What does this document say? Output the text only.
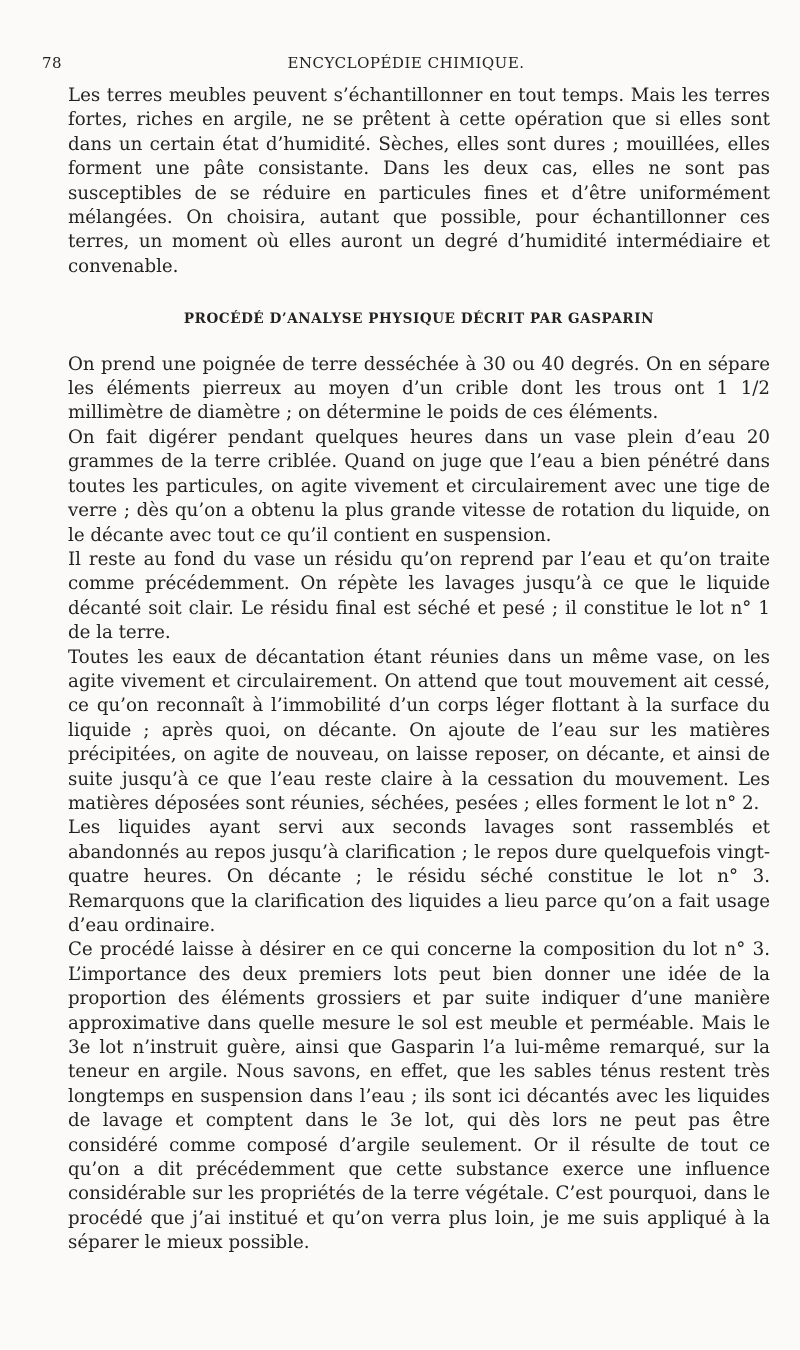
78	ENCYCLOPÉDIE CHIMIQUE.

Les terres meubles peuvent s’échantillonner en tout temps. Mais les terres fortes, riches en argile, ne se prêtent à cette opération que si elles sont dans un certain état d’humidité. Sèches, elles sont dures ; mouillées, elles forment une pâte consistante. Dans les deux cas, elles ne sont pas susceptibles de se réduire en particules fines et d’être uniformément mélangées. On choisira, autant que possible, pour échantillonner ces terres, un moment où elles auront un degré d’humidité intermédiaire et convenable.

PROCÉDÉ D’ANALYSE PHYSIQUE DÉCRIT PAR GASPARIN

On prend une poignée de terre desséchée à 30 ou 40 degrés. On en sépare les éléments pierreux au moyen d’un crible dont les trous ont 1 1/2 millimètre de diamètre ; on détermine le poids de ces éléments.

On fait digérer pendant quelques heures dans un vase plein d’eau 20 grammes de la terre criblée. Quand on juge que l’eau a bien pénétré dans toutes les particules, on agite vivement et circulairement avec une tige de verre ; dès qu’on a obtenu la plus grande vitesse de rotation du liquide, on le décante avec tout ce qu’il contient en suspension.

Il reste au fond du vase un résidu qu’on reprend par l’eau et qu’on traite comme précédemment. On répète les lavages jusqu’à ce que le liquide décanté soit clair. Le résidu final est séché et pesé ; il constitue le lot n° 1 de la terre.

Toutes les eaux de décantation étant réunies dans un même vase, on les agite vivement et circulairement. On attend que tout mouvement ait cessé, ce qu’on reconnaît à l’immobilité d’un corps léger flottant à la surface du liquide ; après quoi, on décante. On ajoute de l’eau sur les matières précipitées, on agite de nouveau, on laisse reposer, on décante, et ainsi de suite jusqu’à ce que l’eau reste claire à la cessation du mouvement. Les matières déposées sont réunies, séchées, pesées ; elles forment le lot n° 2.

Les liquides ayant servi aux seconds lavages sont rassemblés et abandonnés au repos jusqu’à clarification ; le repos dure quelquefois vingt-quatre heures. On décante ; le résidu séché constitue le lot n° 3. Remarquons que la clarification des liquides a lieu parce qu’on a fait usage d’eau ordinaire.

Ce procédé laisse à désirer en ce qui concerne la composition du lot n° 3. L’importance des deux premiers lots peut bien donner une idée de la proportion des éléments grossiers et par suite indiquer d’une manière approximative dans quelle mesure le sol est meuble et perméable. Mais le 3e lot n’instruit guère, ainsi que Gasparin l’a lui-même remarqué, sur la teneur en argile. Nous savons, en effet, que les sables ténus restent très longtemps en suspension dans l’eau ; ils sont ici décantés avec les liquides de lavage et comptent dans le 3e lot, qui dès lors ne peut pas être considéré comme composé d’argile seulement. Or il résulte de tout ce qu’on a dit précédemment que cette substance exerce une influence considérable sur les propriétés de la terre végétale. C’est pourquoi, dans le procédé que j’ai institué et qu’on verra plus loin, je me suis appliqué à la séparer le mieux possible.
